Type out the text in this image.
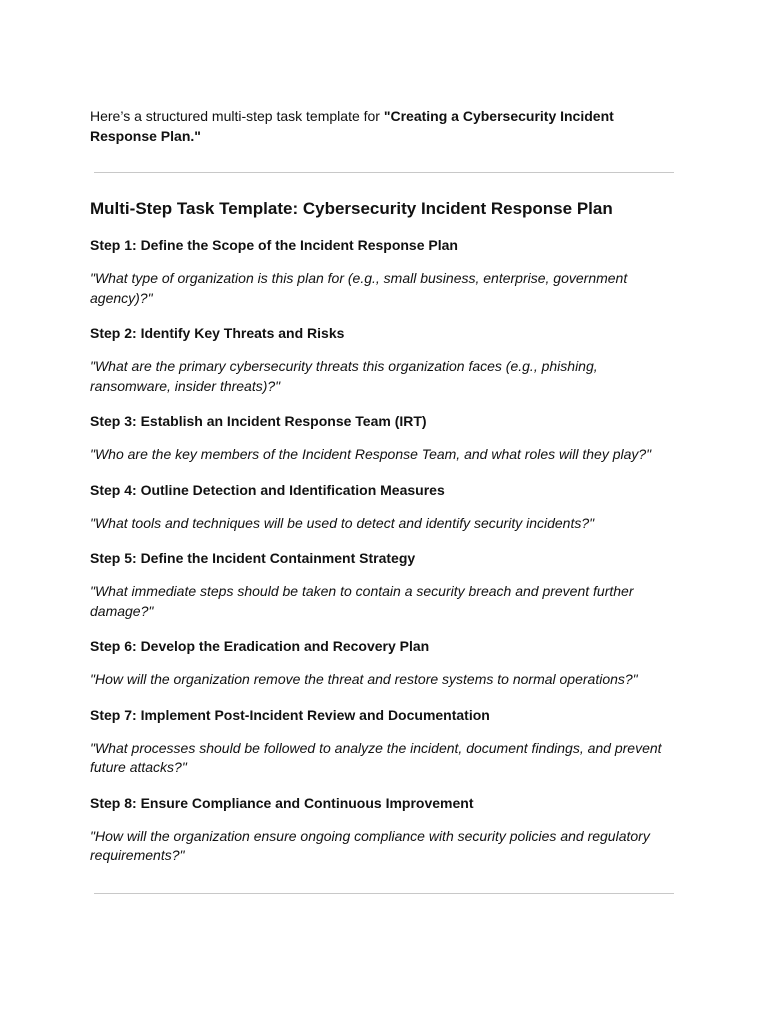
Here’s a structured multi-step task template for "Creating a Cybersecurity Incident Response Plan."

Multi-Step Task Template: Cybersecurity Incident Response Plan

Step 1: Define the Scope of the Incident Response Plan

"What type of organization is this plan for (e.g., small business, enterprise, government agency)?"

Step 2: Identify Key Threats and Risks

"What are the primary cybersecurity threats this organization faces (e.g., phishing, ransomware, insider threats)?"

Step 3: Establish an Incident Response Team (IRT)

"Who are the key members of the Incident Response Team, and what roles will they play?"

Step 4: Outline Detection and Identification Measures

"What tools and techniques will be used to detect and identify security incidents?"

Step 5: Define the Incident Containment Strategy

"What immediate steps should be taken to contain a security breach and prevent further damage?"

Step 6: Develop the Eradication and Recovery Plan

"How will the organization remove the threat and restore systems to normal operations?"

Step 7: Implement Post-Incident Review and Documentation

"What processes should be followed to analyze the incident, document findings, and prevent future attacks?"

Step 8: Ensure Compliance and Continuous Improvement

"How will the organization ensure ongoing compliance with security policies and regulatory requirements?"
